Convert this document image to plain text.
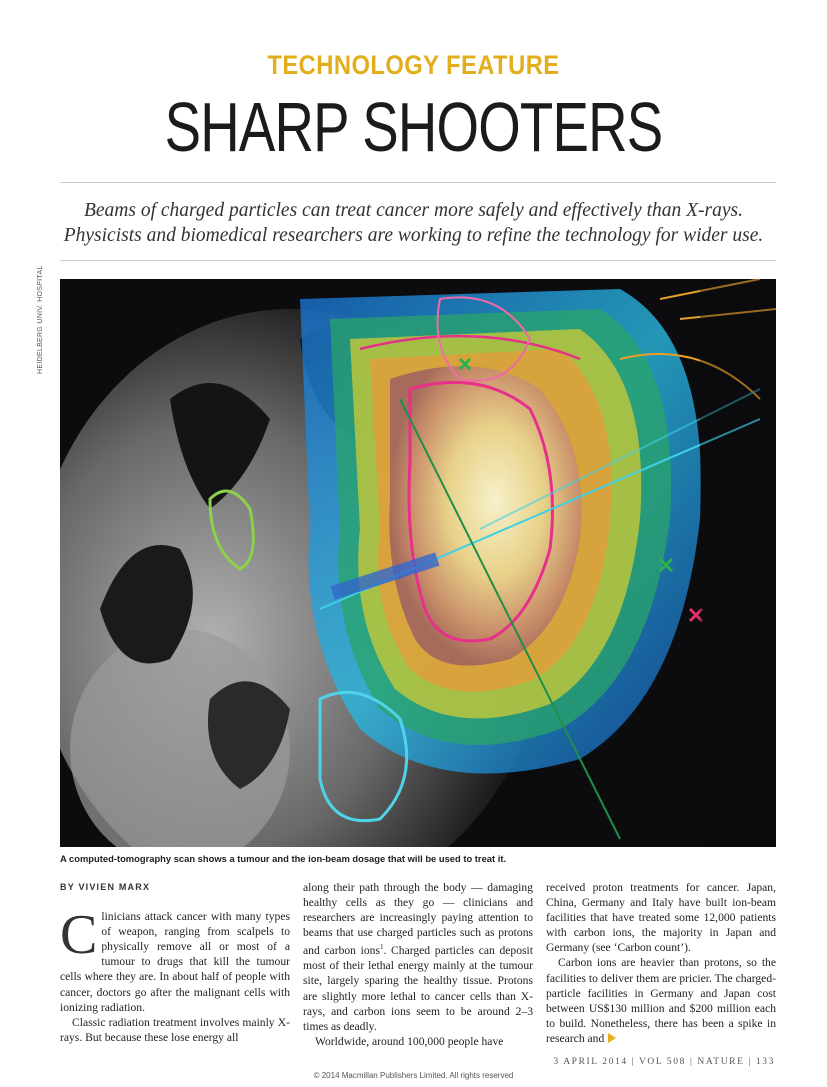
TECHNOLOGY FEATURE
SHARP SHOOTERS
Beams of charged particles can treat cancer more safely and effectively than X-rays.
Physicists and biomedical researchers are working to refine the technology for wider use.
HEIDELBERG UNIV. HOSPITAL
A computed-tomography scan shows a tumour and the ion-beam dosage that will be used to treat it.
BY VIVIEN MARX

Clinicians attack cancer with many types of weapon, ranging from scalpels to physically remove all or most of a tumour to drugs that kill the tumour cells where they are. In about half of people with cancer, doctors go after the malignant cells with ionizing radiation.

Classic radiation treatment involves mainly X-rays. But because these lose energy all

along their path through the body — damaging healthy cells as they go — clinicians and researchers are increasingly paying attention to beams that use charged particles such as protons and carbon ions$^1$. Charged particles can deposit most of their lethal energy mainly at the tumour site, largely sparing the healthy tissue. Protons are slightly more lethal to cancer cells than X-rays, and carbon ions seem to be around 2–3 times as deadly.

Worldwide, around 100,000 people have

received proton treatments for cancer. Japan, China, Germany and Italy have built ion-beam facilities that have treated some 12,000 patients with carbon ions, the majority in Japan and Germany (see ‘Carbon count’).

Carbon ions are heavier than protons, so the facilities to deliver them are pricier. The charged-particle facilities in Germany and Japan cost between US$130 million and $200 million each to build. Nonetheless, there has been a spike in research and

3 APRIL 2014 | VOL 508 | NATURE | 133
© 2014 Macmillan Publishers Limited. All rights reserved
